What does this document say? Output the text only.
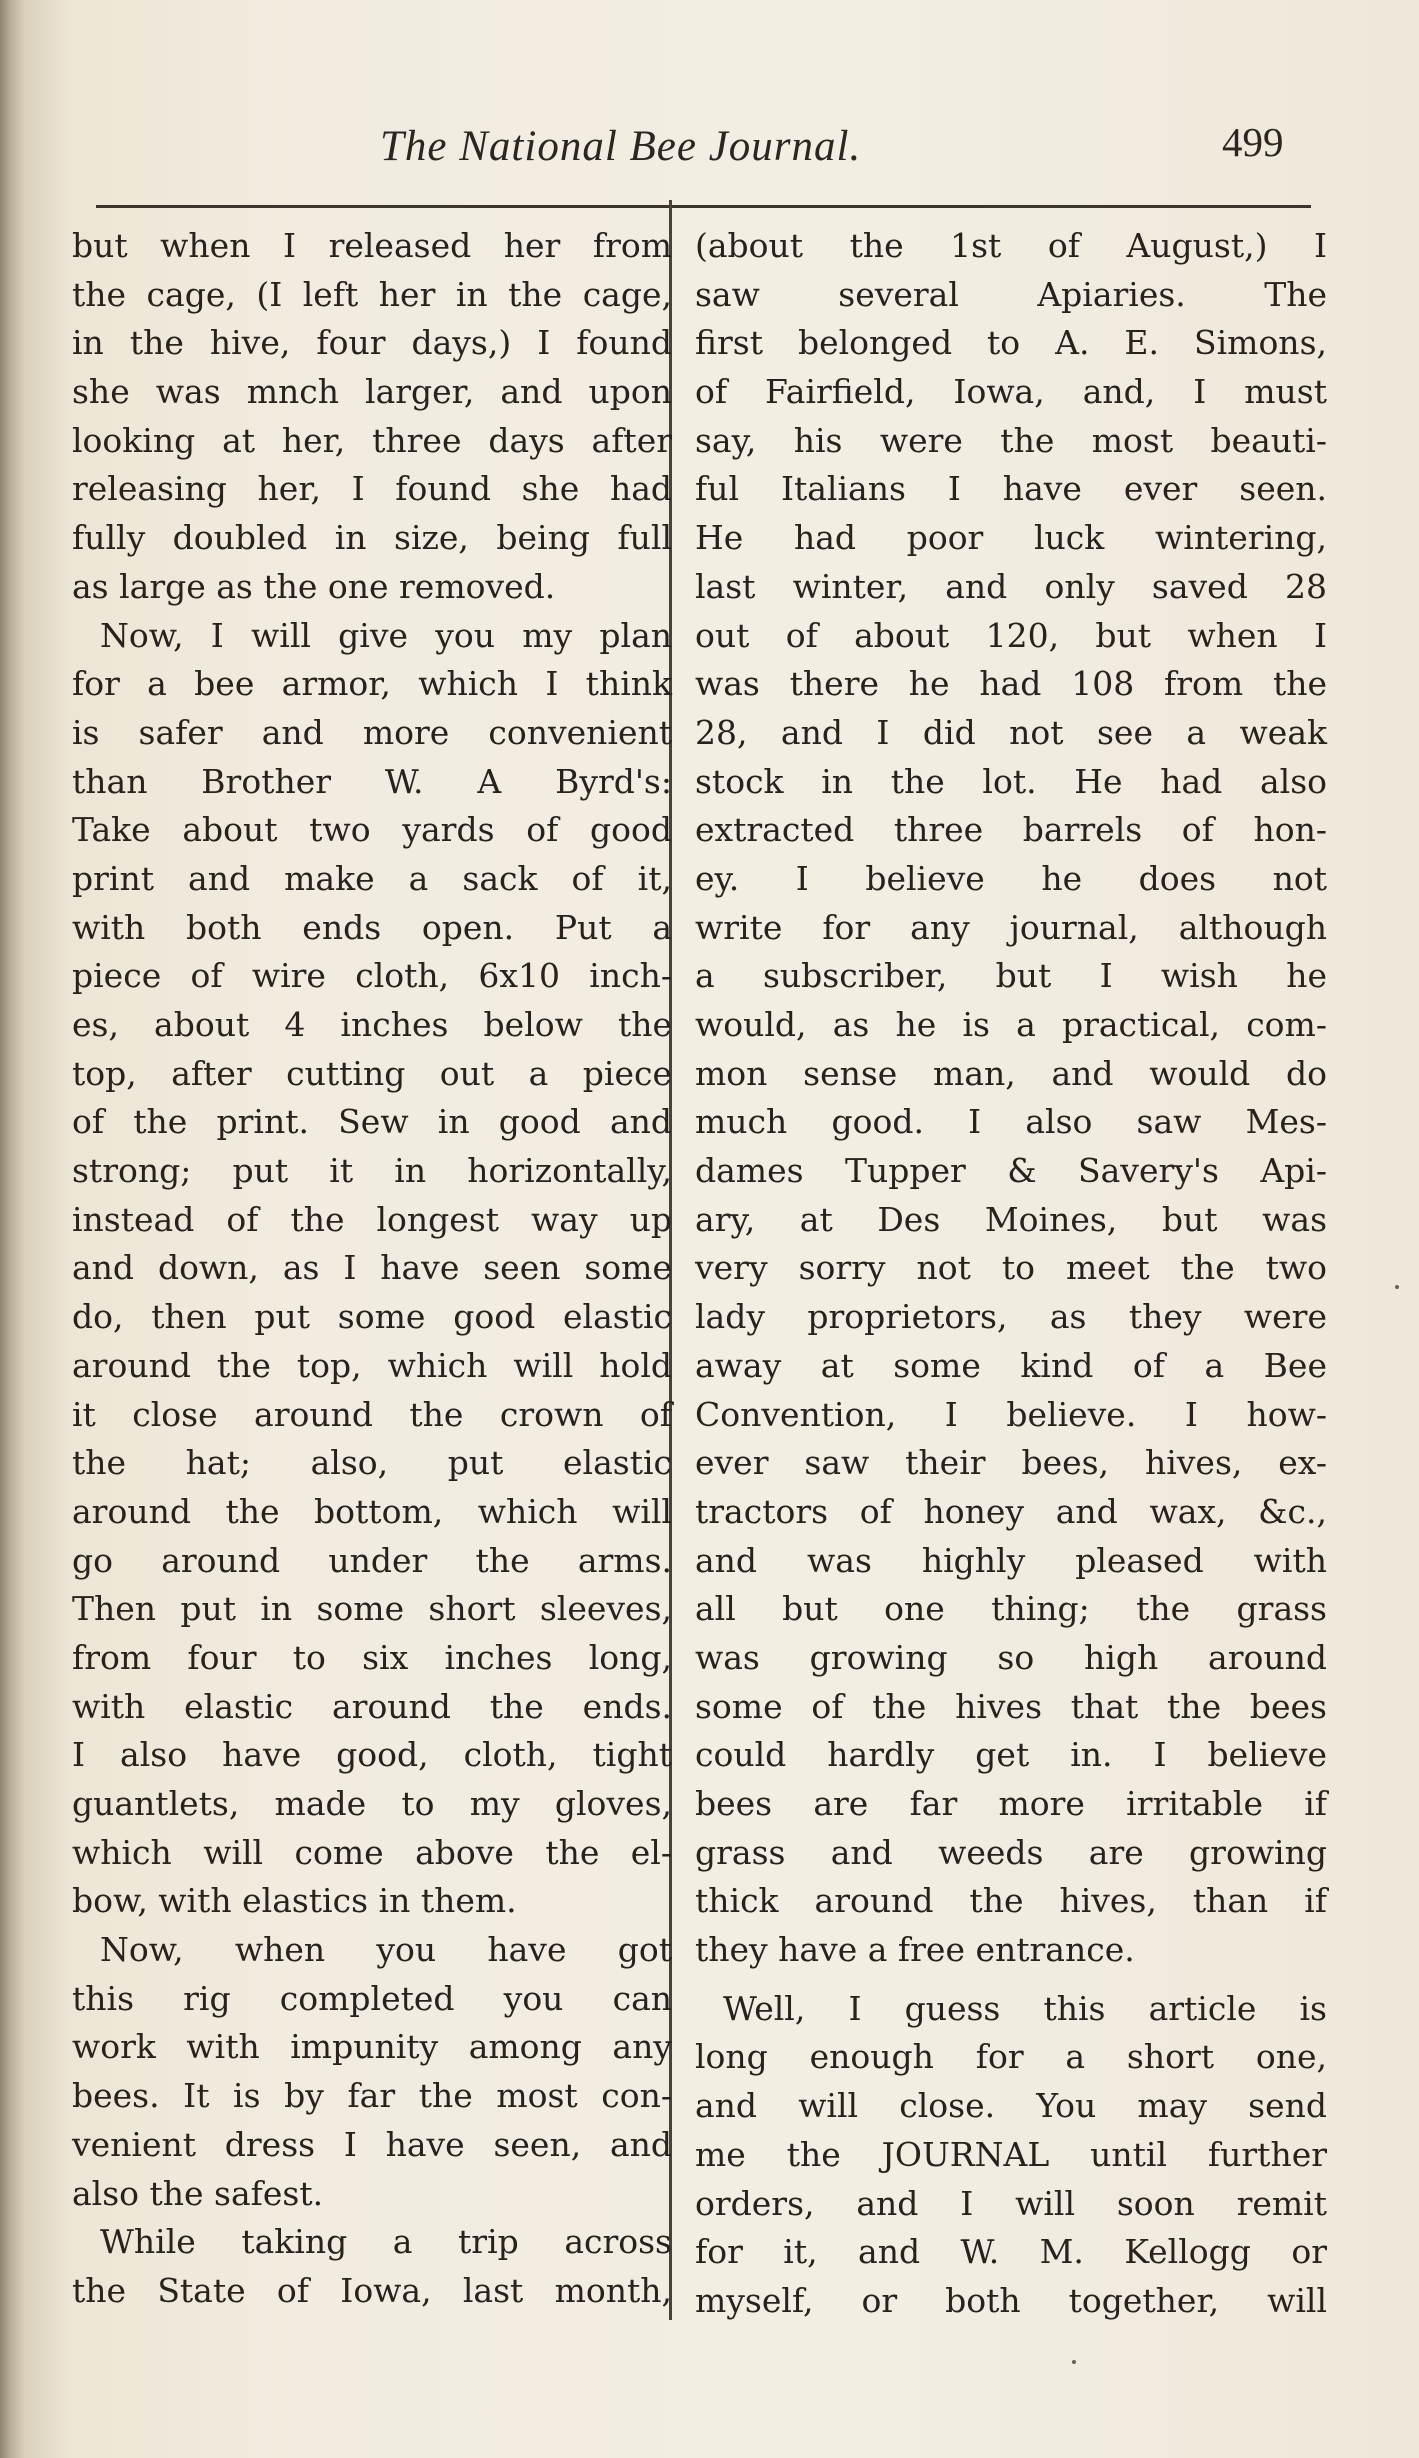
The National Bee Journal.	499
but when I released her from
the cage, (I left her in the cage,
in the hive, four days,) I found
she was mnch larger, and upon
looking at her, three days after
releasing her, I found she had
fully doubled in size, being full
as large as the one removed.
Now, I will give you my plan
for a bee armor, which I think
is safer and more convenient
than Brother W. A Byrd's:
Take about two yards of good
print and make a sack of it,
with both ends open. Put a
piece of wire cloth, 6x10 inch-
es, about 4 inches below the
top, after cutting out a piece
of the print. Sew in good and
strong; put it in horizontally,
instead of the longest way up
and down, as I have seen some
do, then put some good elastic
around the top, which will hold
it close around the crown of
the hat; also, put elastic
around the bottom, which will
go around under the arms.
Then put in some short sleeves,
from four to six inches long,
with elastic around the ends.
I also have good, cloth, tight
guantlets, made to my gloves,
which will come above the el-
bow, with elastics in them.
Now, when you have got
this rig completed you can
work with impunity among any
bees. It is by far the most con-
venient dress I have seen, and
also the safest.
While taking a trip across
the State of Iowa, last month,
(about the 1st of August,) I
saw several Apiaries. The
first belonged to A. E. Simons,
of Fairfield, Iowa, and, I must
say, his were the most beauti-
ful Italians I have ever seen.
He had poor luck wintering,
last winter, and only saved 28
out of about 120, but when I
was there he had 108 from the
28, and I did not see a weak
stock in the lot. He had also
extracted three barrels of hon-
ey. I believe he does not
write for any journal, although
a subscriber, but I wish he
would, as he is a practical, com-
mon sense man, and would do
much good. I also saw Mes-
dames Tupper & Savery's Api-
ary, at Des Moines, but was
very sorry not to meet the two
lady proprietors, as they were
away at some kind of a Bee
Convention, I believe. I how-
ever saw their bees, hives, ex-
tractors of honey and wax, &c.,
and was highly pleased with
all but one thing; the grass
was growing so high around
some of the hives that the bees
could hardly get in. I believe
bees are far more irritable if
grass and weeds are growing
thick around the hives, than if
they have a free entrance.
Well, I guess this article is
long enough for a short one,
and will close. You may send
me the JOURNAL until further
orders, and I will soon remit
for it, and W. M. Kellogg or
myself, or both together, will
